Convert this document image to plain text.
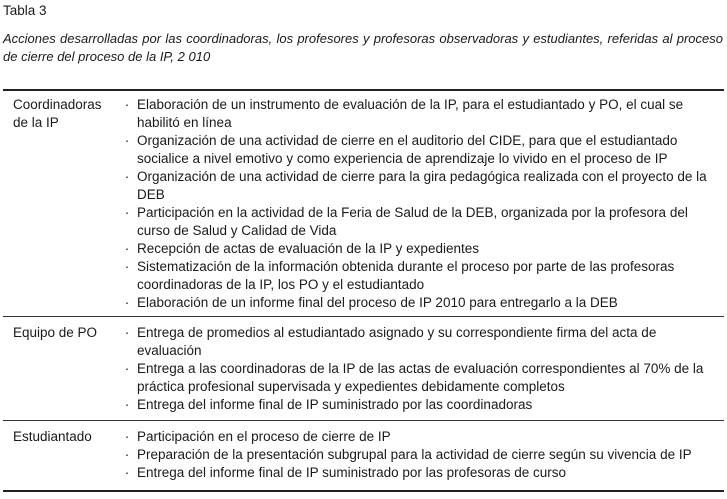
Tabla 3
Acciones desarrolladas por las coordinadoras, los profesores y profesoras observadoras y estudiantes, referidas al proceso de cierre del proceso de la IP, 2 010
Coordinadoras de la IP
· Elaboración de un instrumento de evaluación de la IP, para el estudiantado y PO, el cual se habilitó en línea
· Organización de una actividad de cierre en el auditorio del CIDE, para que el estudiantado socialice a nivel emotivo y como experiencia de aprendizaje lo vivido en el proceso de IP
· Organización de una actividad de cierre para la gira pedagógica realizada con el proyecto de la DEB
· Participación en la actividad de la Feria de Salud de la DEB, organizada por la profesora del curso de Salud y Calidad de Vida
· Recepción de actas de evaluación de la IP y expedientes
· Sistematización de la información obtenida durante el proceso por parte de las profesoras coordinadoras de la IP, los PO y el estudiantado
· Elaboración de un informe final del proceso de IP 2010 para entregarlo a la DEB
Equipo de PO	· Entrega de promedios al estudiantado asignado y su correspondiente firma del acta de evaluación
· Entrega a las coordinadoras de la IP de las actas de evaluación correspondientes al 70% de la práctica profesional supervisada y expedientes debidamente completos
· Entrega del informe final de IP suministrado por las coordinadoras
Estudiantado	· Participación en el proceso de cierre de IP
· Preparación de la presentación subgrupal para la actividad de cierre según su vivencia de IP
· Entrega del informe final de IP suministrado por las profesoras de curso
